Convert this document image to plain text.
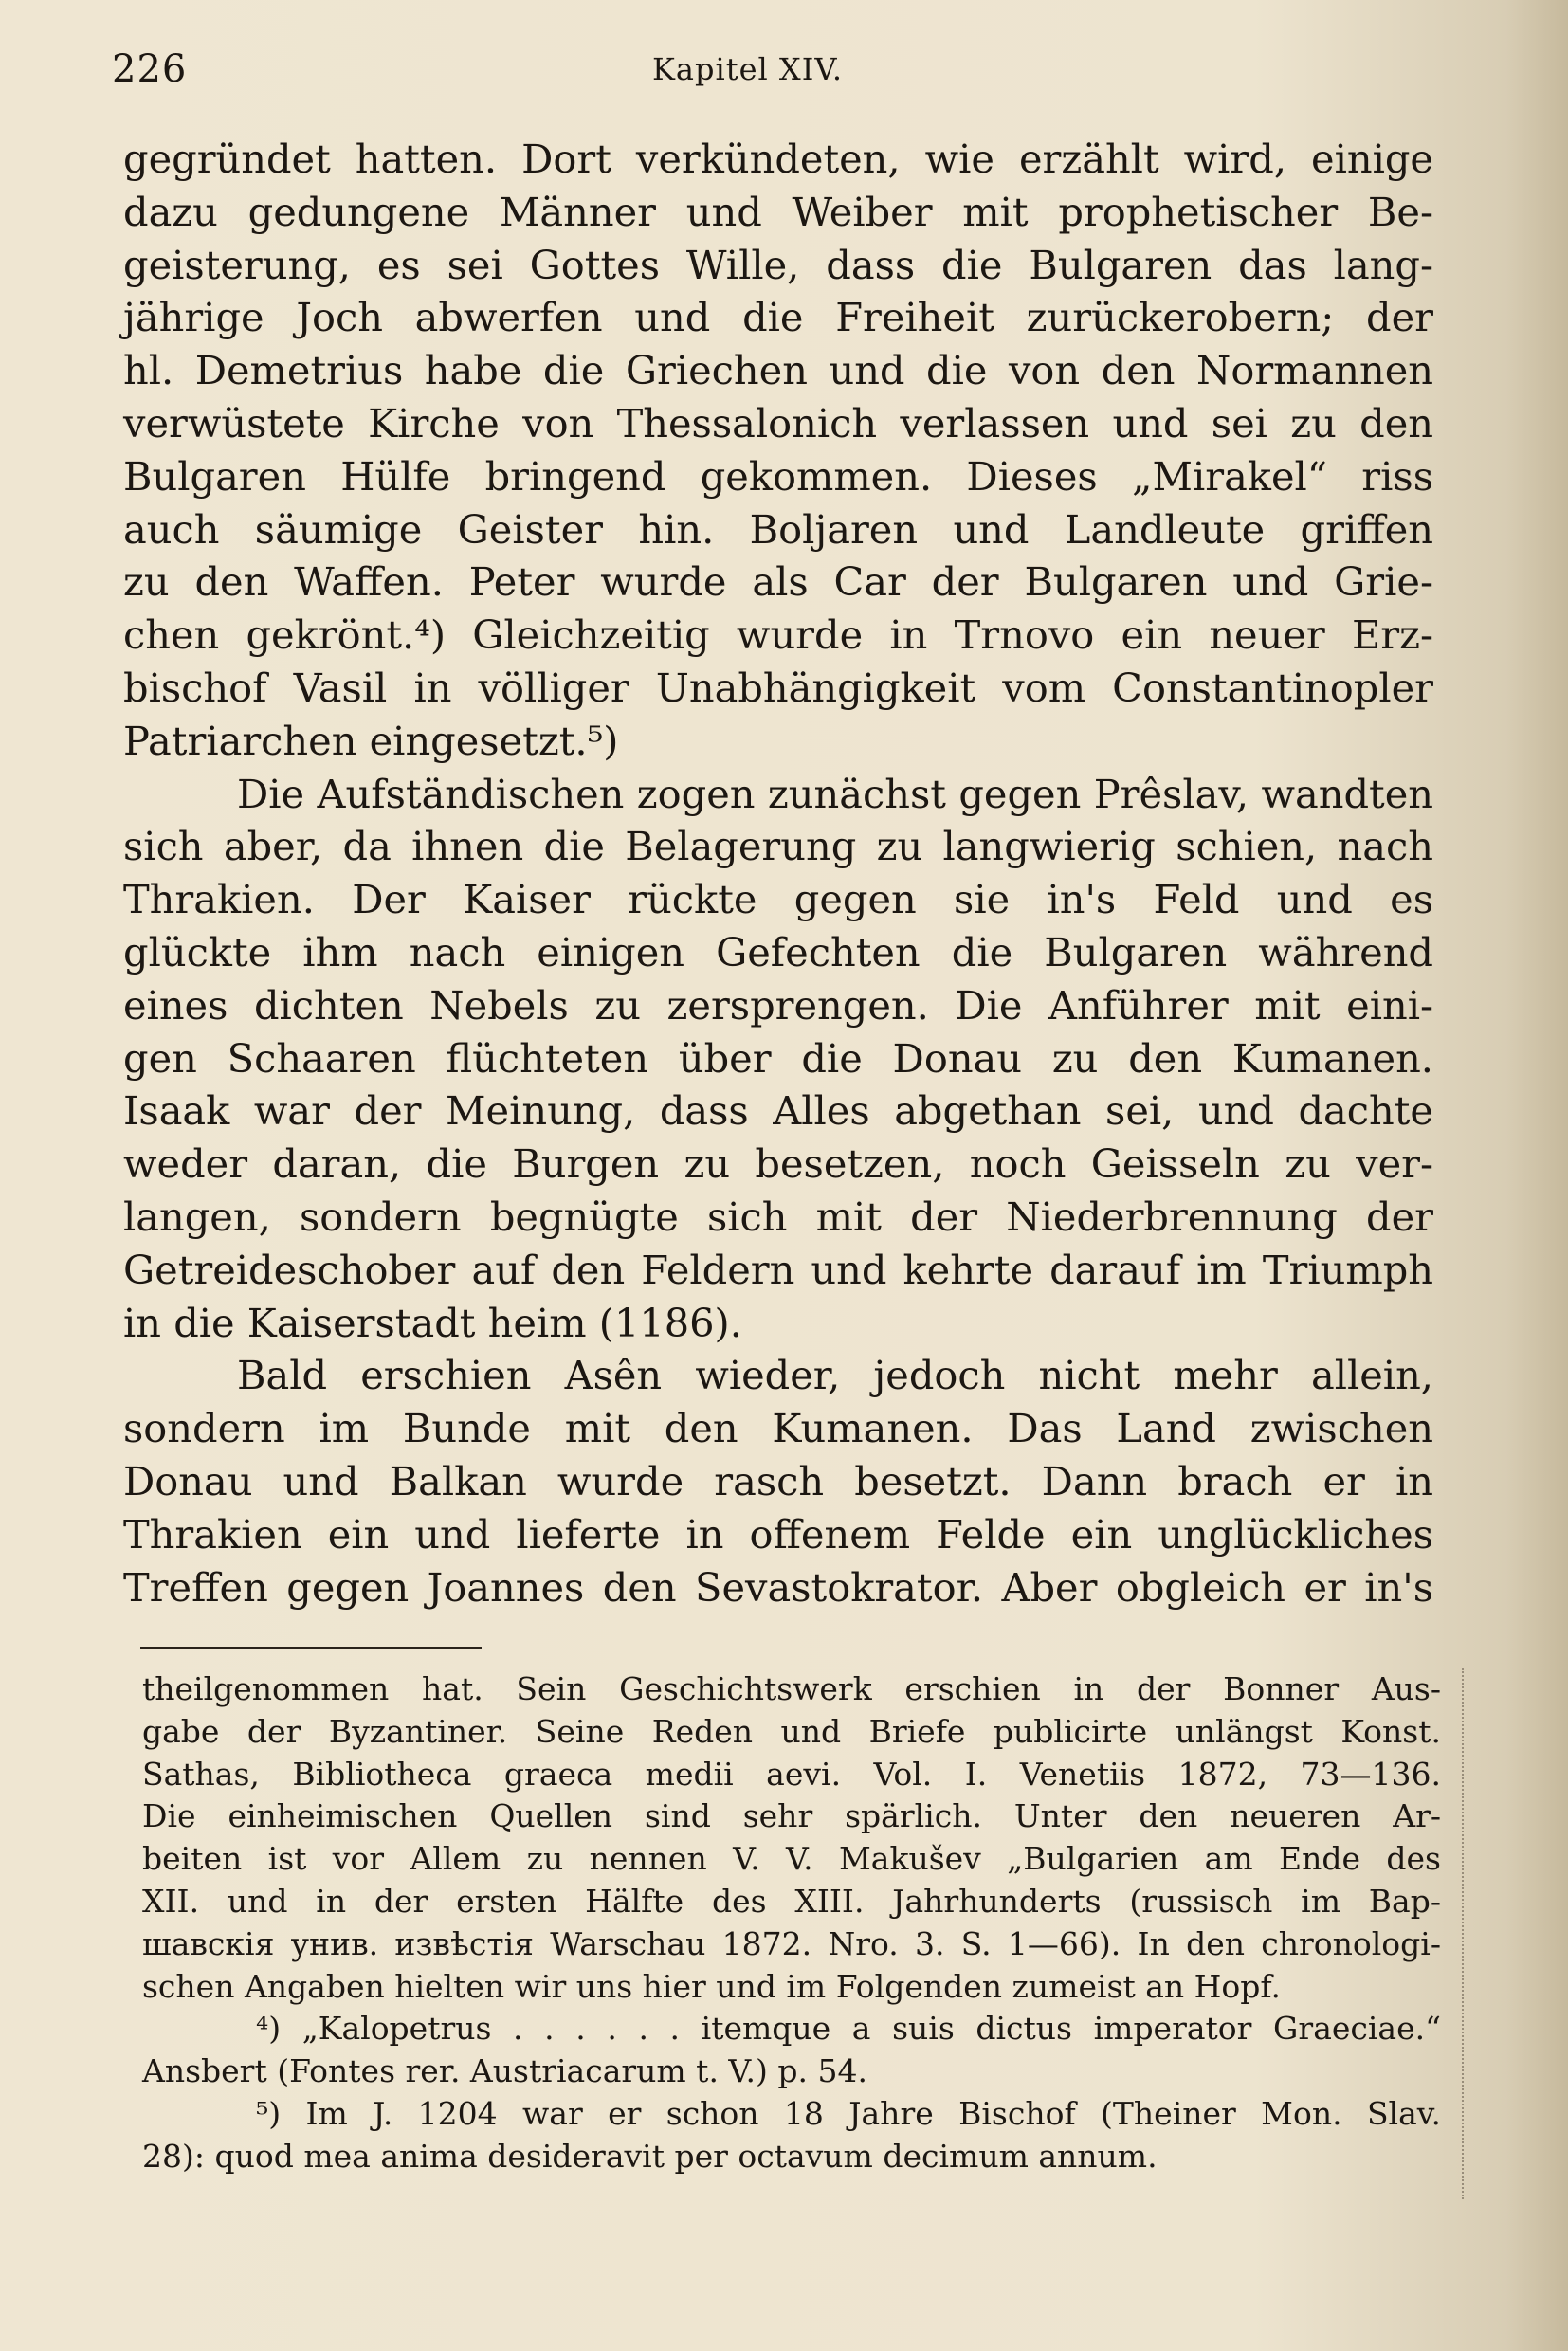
226	Kapitel XIV.

gegründet hatten. Dort verkündeten, wie erzählt wird, einige
dazu gedungene Männer und Weiber mit prophetischer Be-
geisterung, es sei Gottes Wille, dass die Bulgaren das lang-
jährige Joch abwerfen und die Freiheit zurückerobern; der
hl. Demetrius habe die Griechen und die von den Normannen
verwüstete Kirche von Thessalonich verlassen und sei zu den
Bulgaren Hülfe bringend gekommen. Dieses „Mirakel“ riss
auch säumige Geister hin. Boljaren und Landleute griffen
zu den Waffen. Peter wurde als Car der Bulgaren und Grie-
chen gekrönt.⁴) Gleichzeitig wurde in Trnovo ein neuer Erz-
bischof Vasil in völliger Unabhängigkeit vom Constantinopler
Patriarchen eingesetzt.⁵)

Die Aufständischen zogen zunächst gegen Prêslav, wandten
sich aber, da ihnen die Belagerung zu langwierig schien, nach
Thrakien. Der Kaiser rückte gegen sie in's Feld und es
glückte ihm nach einigen Gefechten die Bulgaren während
eines dichten Nebels zu zersprengen. Die Anführer mit eini-
gen Schaaren flüchteten über die Donau zu den Kumanen.
Isaak war der Meinung, dass Alles abgethan sei, und dachte
weder daran, die Burgen zu besetzen, noch Geisseln zu ver-
langen, sondern begnügte sich mit der Niederbrennung der
Getreideschober auf den Feldern und kehrte darauf im Triumph
in die Kaiserstadt heim (1186).

Bald erschien Asên wieder, jedoch nicht mehr allein,
sondern im Bunde mit den Kumanen. Das Land zwischen
Donau und Balkan wurde rasch besetzt. Dann brach er in
Thrakien ein und lieferte in offenem Felde ein unglückliches
Treffen gegen Joannes den Sevastokrator. Aber obgleich er in's

theilgenommen hat. Sein Geschichtswerk erschien in der Bonner Aus-
gabe der Byzantiner. Seine Reden und Briefe publicirte unlängst Konst.
Sathas, Bibliotheca graeca medii aevi. Vol. I. Venetiis 1872, 73—136.
Die einheimischen Quellen sind sehr spärlich. Unter den neueren Ar-
beiten ist vor Allem zu nennen V. V. Makušev „Bulgarien am Ende des
XII. und in der ersten Hälfte des XIII. Jahrhunderts (russisch im Вар-
шавскія унив. извѣстія Warschau 1872. Nro. 3. S. 1—66). In den chronologi-
schen Angaben hielten wir uns hier und im Folgenden zumeist an Hopf.
⁴) „Kalopetrus . . . . . . itemque a suis dictus imperator Graeciae.“
Ansbert (Fontes rer. Austriacarum t. V.) p. 54.
⁵) Im J. 1204 war er schon 18 Jahre Bischof (Theiner Mon. Slav.
28): quod mea anima desideravit per octavum decimum annum.
